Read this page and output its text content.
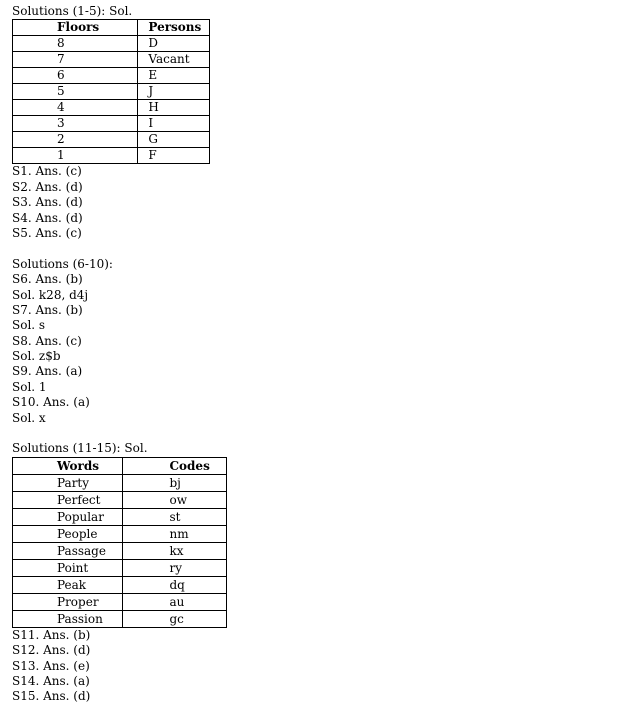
Solutions (1-5): Sol.
Floors	Persons
8	D
7	Vacant
6	E
5	J
4	H
3	I
2	G
1	F
S1. Ans. (c)
S2. Ans. (d)
S3. Ans. (d)
S4. Ans. (d)
S5. Ans. (c)
Solutions (6-10):
S6. Ans. (b)
Sol. k28, d4j
S7. Ans. (b)
Sol. s
S8. Ans. (c)
Sol. z$b
S9. Ans. (a)
Sol. 1
S10. Ans. (a)
Sol. x
Solutions (11-15): Sol.
Words	Codes
Party	bj
Perfect	ow
Popular	st
People	nm
Passage	kx
Point	ry
Peak	dq
Proper	au
Passion	gc
S11. Ans. (b)
S12. Ans. (d)
S13. Ans. (e)
S14. Ans. (a)
S15. Ans. (d)
